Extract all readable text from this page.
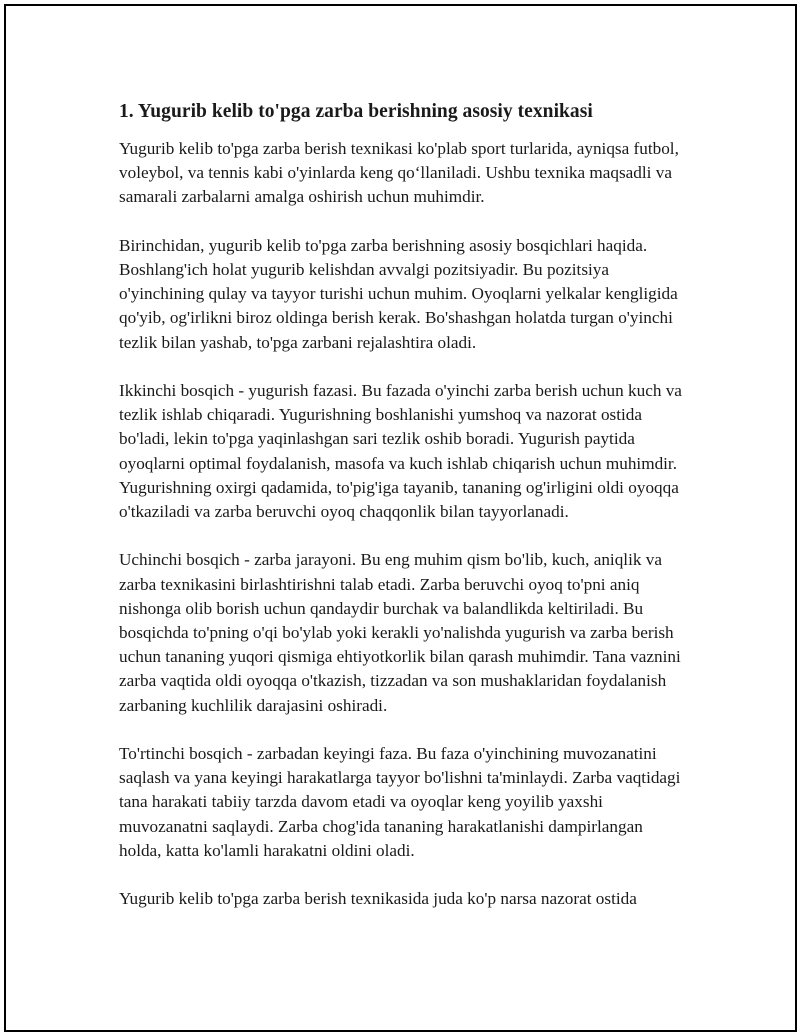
1. Yugurib kelib to'pga zarba berishning asosiy texnikasi

Yugurib kelib to'pga zarba berish texnikasi ko'plab sport turlarida, ayniqsa futbol, voleybol, va tennis kabi o'yinlarda keng qo‘llaniladi. Ushbu texnika maqsadli va samarali zarbalarni amalga oshirish uchun muhimdir.

Birinchidan, yugurib kelib to'pga zarba berishning asosiy bosqichlari haqida. Boshlang'ich holat yugurib kelishdan avvalgi pozitsiyadir. Bu pozitsiya o'yinchining qulay va tayyor turishi uchun muhim. Oyoqlarni yelkalar kengligida qo'yib, og'irlikni biroz oldinga berish kerak. Bo'shashgan holatda turgan o'yinchi tezlik bilan yashab, to'pga zarbani rejalashtira oladi.

Ikkinchi bosqich - yugurish fazasi. Bu fazada o'yinchi zarba berish uchun kuch va tezlik ishlab chiqaradi. Yugurishning boshlanishi yumshoq va nazorat ostida bo'ladi, lekin to'pga yaqinlashgan sari tezlik oshib boradi. Yugurish paytida oyoqlarni optimal foydalanish, masofa va kuch ishlab chiqarish uchun muhimdir. Yugurishning oxirgi qadamida, to'pig'iga tayanib, tananing og'irligini oldi oyoqqa o'tkaziladi va zarba beruvchi oyoq chaqqonlik bilan tayyorlanadi.

Uchinchi bosqich - zarba jarayoni. Bu eng muhim qism bo'lib, kuch, aniqlik va zarba texnikasini birlashtirishni talab etadi. Zarba beruvchi oyoq to'pni aniq nishonga olib borish uchun qandaydir burchak va balandlikda keltiriladi. Bu bosqichda to'pning o'qi bo'ylab yoki kerakli yo'nalishda yugurish va zarba berish uchun tananing yuqori qismiga ehtiyotkorlik bilan qarash muhimdir. Tana vaznini zarba vaqtida oldi oyoqqa o'tkazish, tizzadan va son mushaklaridan foydalanish zarbaning kuchlilik darajasini oshiradi.

To'rtinchi bosqich - zarbadan keyingi faza. Bu faza o'yinchining muvozanatini saqlash va yana keyingi harakatlarga tayyor bo'lishni ta'minlaydi. Zarba vaqtidagi tana harakati tabiiy tarzda davom etadi va oyoqlar keng yoyilib yaxshi muvozanatni saqlaydi. Zarba chog'ida tananing harakatlanishi dampirlangan holda, katta ko'lamli harakatni oldini oladi.

Yugurib kelib to'pga zarba berish texnikasida juda ko'p narsa nazorat ostida
